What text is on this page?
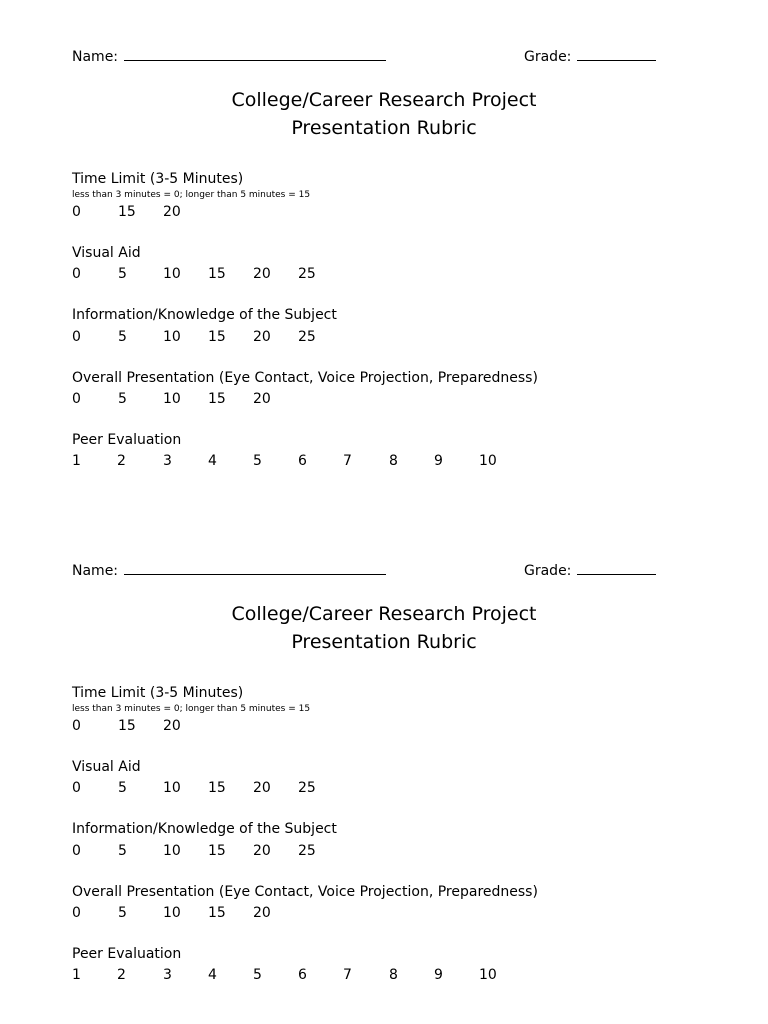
Name:	Grade:
College/Career Research Project
Presentation Rubric
Time Limit (3-5 Minutes)
less than 3 minutes = 0; longer than 5 minutes = 15
0	15 20
Visual Aid
0	5	10 15 20 25
Information/Knowledge of the Subject
0	5	10 15 20 25
Overall Presentation (Eye Contact, Voice Projection, Preparedness)
0	5	10 15 20
Peer Evaluation
1	2	3	4	5	6	7	8	9	10
Name:	Grade:
College/Career Research Project
Presentation Rubric
Time Limit (3-5 Minutes)
less than 3 minutes = 0; longer than 5 minutes = 15
0	15 20
Visual Aid
0	5	10 15 20 25
Information/Knowledge of the Subject
0	5	10 15 20 25
Overall Presentation (Eye Contact, Voice Projection, Preparedness)
0	5	10 15 20
Peer Evaluation
1	2	3	4	5	6	7	8	9	10
